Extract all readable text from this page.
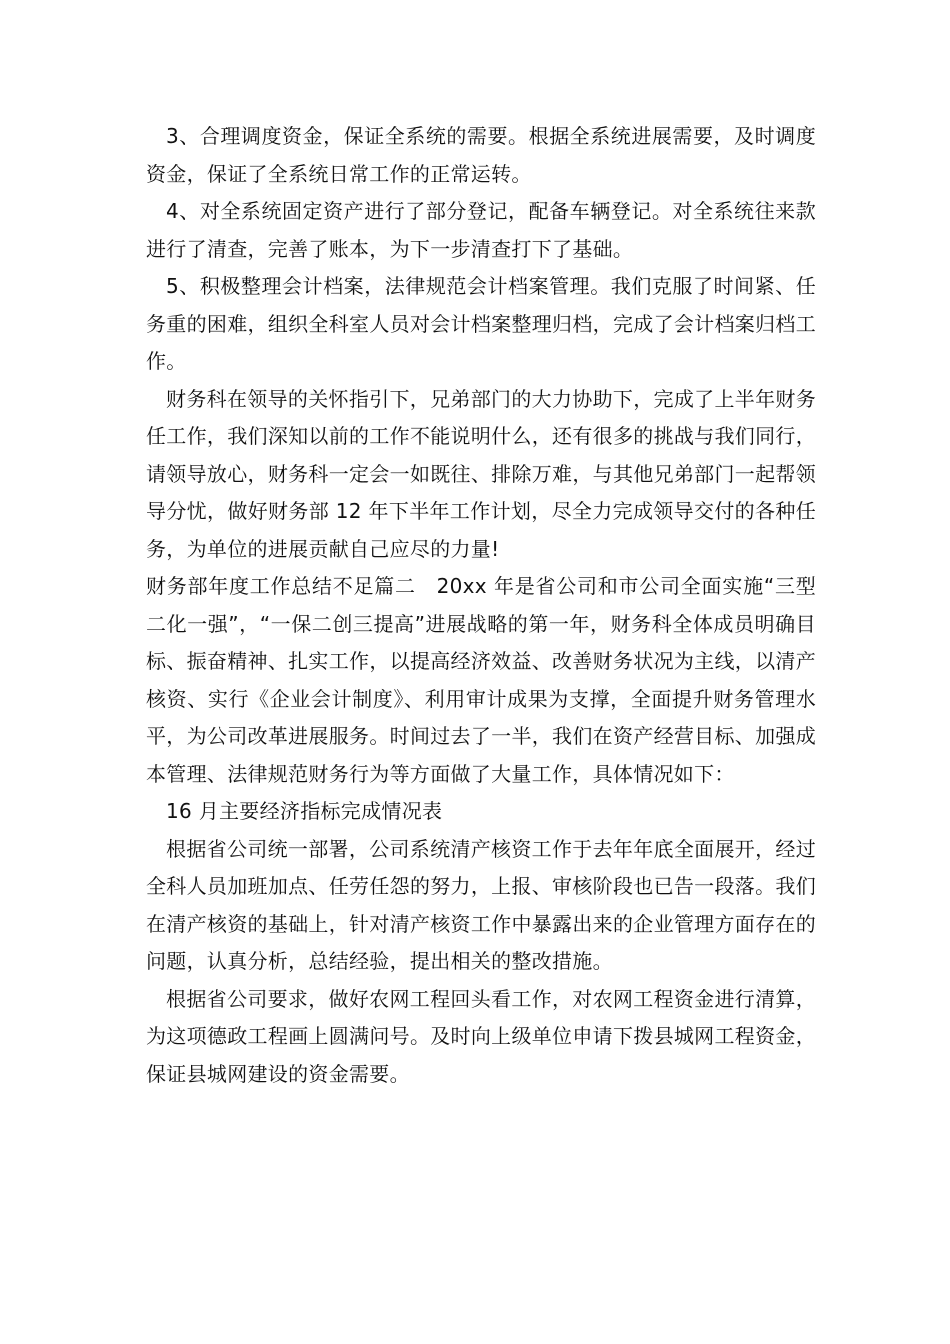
3、合理调度资金，保证全系统的需要。根据全系统进展需要，及时调度资金，保证了全系统日常工作的正常运转。

4、对全系统固定资产进行了部分登记，配备车辆登记。对全系统往来款进行了清查，完善了账本，为下一步清查打下了基础。

5、积极整理会计档案，法律规范会计档案管理。我们克服了时间紧、任务重的困难，组织全科室人员对会计档案整理归档，完成了会计档案归档工作。

财务科在领导的关怀指引下，兄弟部门的大力协助下，完成了上半年财务任工作，我们深知以前的工作不能说明什么，还有很多的挑战与我们同行，请领导放心，财务科一定会一如既往、排除万难，与其他兄弟部门一起帮领导分忧，做好财务部 12 年下半年工作计划，尽全力完成领导交付的各种任务，为单位的进展贡献自己应尽的力量!

财务部年度工作总结不足篇二　20xx 年是省公司和市公司全面实施“三型二化一强”，“一保二创三提高”进展战略的第一年，财务科全体成员明确目标、振奋精神、扎实工作，以提高经济效益、改善财务状况为主线，以清产核资、实行《企业会计制度》、利用审计成果为支撑，全面提升财务管理水平，为公司改革进展服务。时间过去了一半，我们在资产经营目标、加强成本管理、法律规范财务行为等方面做了大量工作，具体情况如下：

16 月主要经济指标完成情况表

根据省公司统一部署，公司系统清产核资工作于去年年底全面展开，经过全科人员加班加点、任劳任怨的努力，上报、审核阶段也已告一段落。我们在清产核资的基础上，针对清产核资工作中暴露出来的企业管理方面存在的问题，认真分析，总结经验，提出相关的整改措施。

根据省公司要求，做好农网工程回头看工作，对农网工程资金进行清算，为这项德政工程画上圆满问号。及时向上级单位申请下拨县城网工程资金，保证县城网建设的资金需要。
